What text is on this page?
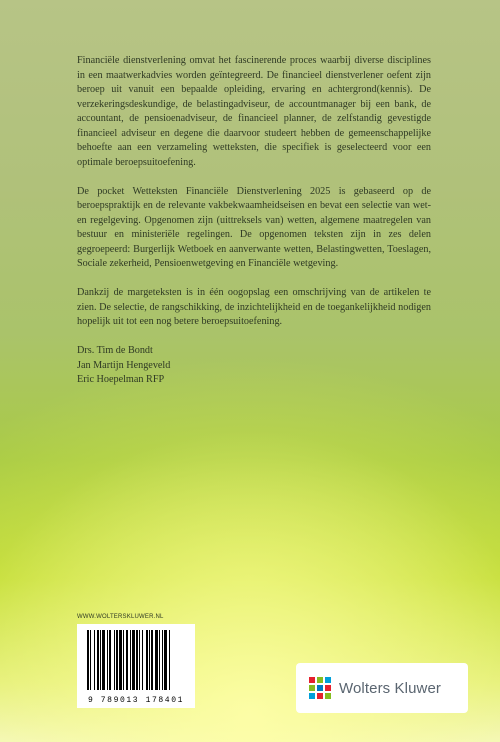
Financiële dienstverlening omvat het fascinerende proces waarbij diverse disciplines in een maatwerkadvies worden geïntegreerd. De financieel dienstverlener oefent zijn beroep uit vanuit een bepaalde opleiding, ervaring en achtergrond(kennis). De verzekeringsdeskundige, de belastingadviseur, de accountmanager bij een bank, de accountant, de pensioenadviseur, de financieel planner, de zelfstandig gevestigde financieel adviseur en degene die daarvoor studeert hebben de gemeenschappelijke behoefte aan een verzameling wetteksten, die specifiek is geselecteerd voor een optimale beroepsuitoefening.

De pocket Wetteksten Financiële Dienstverlening 2025 is gebaseerd op de beroepspraktijk en de relevante vakbekwaamheidseisen en bevat een selectie van wet- en regelgeving. Opgenomen zijn (uittreksels van) wetten, algemene maatregelen van bestuur en ministeriële regelingen. De opgenomen teksten zijn in zes delen gegroepeerd: Burgerlijk Wetboek en aanverwante wetten, Belastingwetten, Toeslagen, Sociale zekerheid, Pensioenwetgeving en Financiële wetgeving.

Dankzij de margeteksten is in één oogopslag een omschrijving van de artikelen te zien. De selectie, de rangschikking, de inzichtelijkheid en de toegankelijkheid nodigen hopelijk uit tot een nog betere beroepsuitoefening.

Drs. Tim de Bondt
Jan Martijn Hengeveld
Eric Hoepelman RFP
WWW.WOLTERSKLUWER.NL
9 789013 178401
Wolters Kluwer
